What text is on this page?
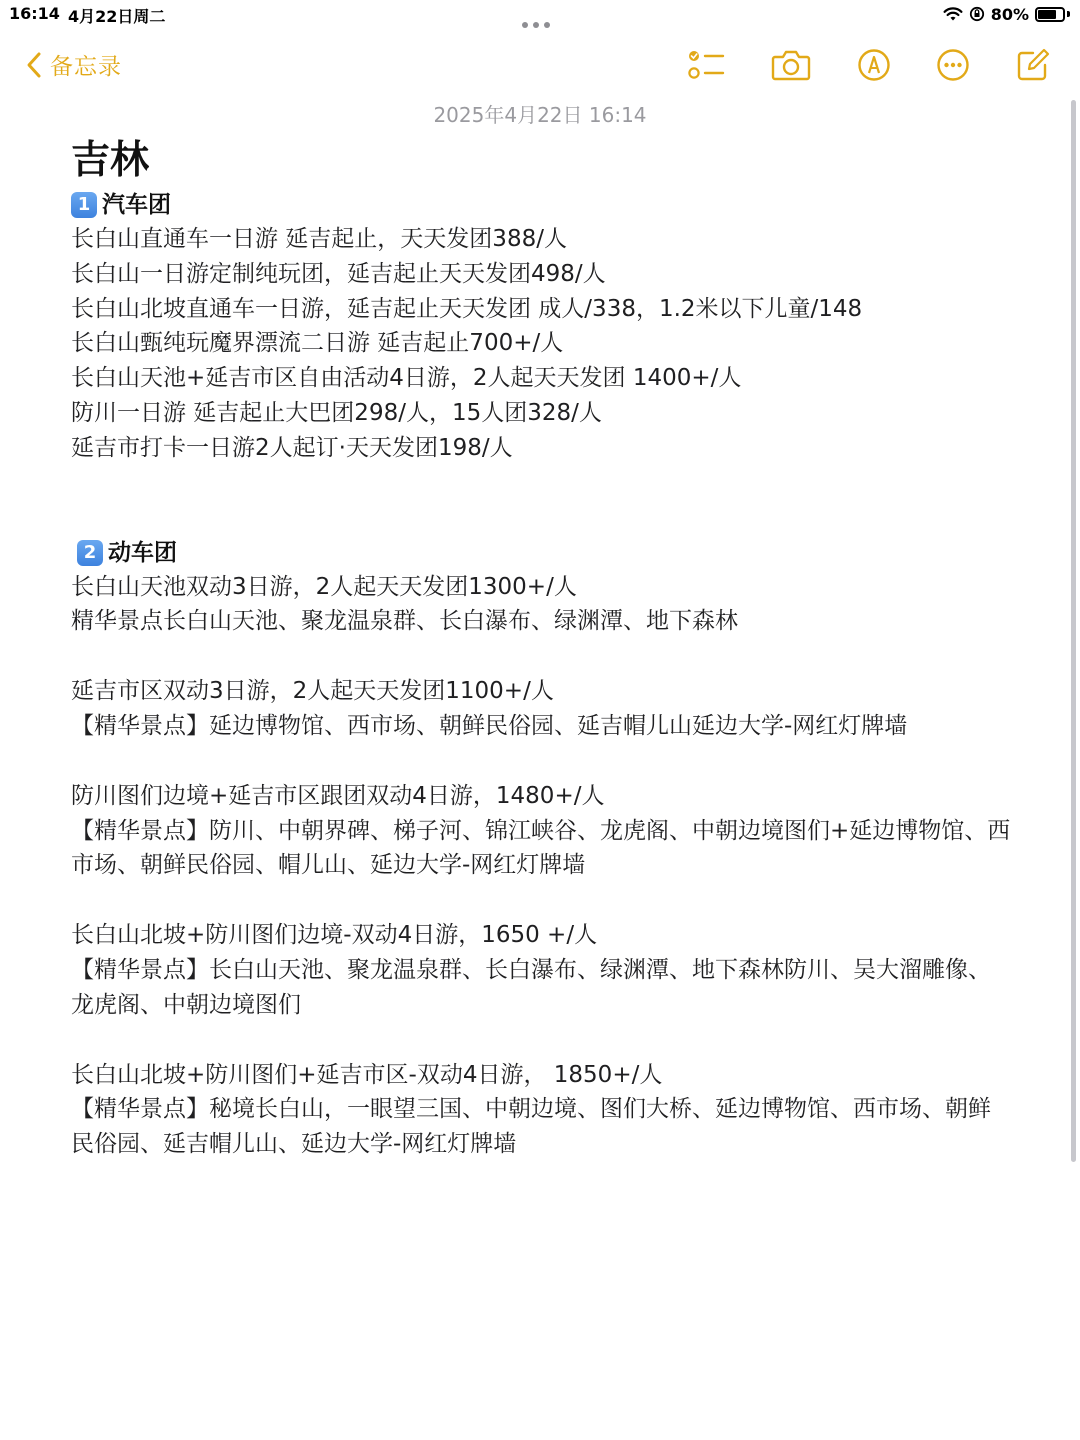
16:14 4月22日周二	80%
备忘录
2025年4月22日 16:14
吉林
1 汽车团
长白山直通车一日游 延吉起止，天天发团388/人
长白山一日游定制纯玩团，延吉起止天天发团498/人
长白山北坡直通车一日游，延吉起止天天发团 成人/338，1.2米以下儿童/148
长白山甄纯玩魔界漂流二日游 延吉起止700+/人
长白山天池+延吉市区自由活动4日游，2人起天天发团 1400+/人
防川一日游 延吉起止大巴团298/人，15人团328/人
延吉市打卡一日游2人起订·天天发团198/人
2 动车团
长白山天池双动3日游，2人起天天发团1300+/人
精华景点长白山天池、聚龙温泉群、长白瀑布、绿渊潭、地下森林
延吉市区双动3日游，2人起天天发团1100+/人
【精华景点】延边博物馆、西市场、朝鲜民俗园、延吉帽儿山延边大学-网红灯牌墙
防川图们边境+延吉市区跟团双动4日游，1480+/人
【精华景点】防川、中朝界碑、梯子河、锦江峡谷、龙虎阁、中朝边境图们+延边博物馆、西市场、朝鲜民俗园、帽儿山、延边大学-网红灯牌墙
长白山北坡+防川图们边境-双动4日游，1650 +/人
【精华景点】长白山天池、聚龙温泉群、长白瀑布、绿渊潭、地下森林防川、吴大溜雕像、龙虎阁、中朝边境图们
长白山北坡+防川图们+延吉市区-双动4日游， 1850+/人
【精华景点】秘境长白山，一眼望三国、中朝边境、图们大桥、延边博物馆、西市场、朝鲜民俗园、延吉帽儿山、延边大学-网红灯牌墙
